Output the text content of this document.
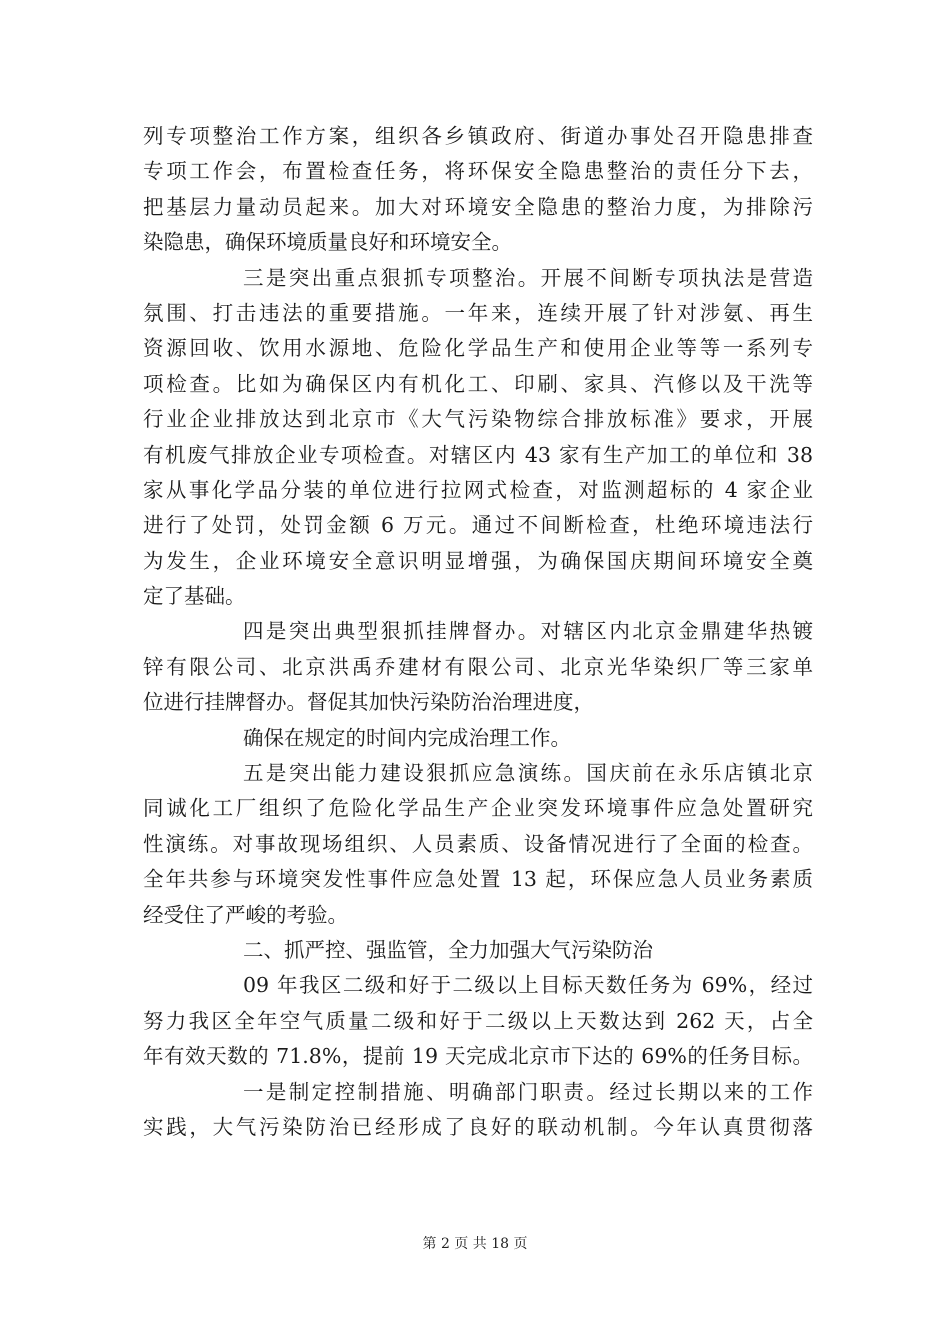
列专项整治工作方案，组织各乡镇政府、街道办事处召开隐患排查
专项工作会，布置检查任务，将环保安全隐患整治的责任分下去，
把基层力量动员起来。加大对环境安全隐患的整治力度，为排除污
染隐患，确保环境质量良好和环境安全。
三是突出重点狠抓专项整治。开展不间断专项执法是营造
氛围、打击违法的重要措施。一年来，连续开展了针对涉氨、再生
资源回收、饮用水源地、危险化学品生产和使用企业等等一系列专
项检查。比如为确保区内有机化工、印刷、家具、汽修以及干洗等
行业企业排放达到北京市《大气污染物综合排放标准》要求，开展
有机废气排放企业专项检查。对辖区内 43 家有生产加工的单位和 38
家从事化学品分装的单位进行拉网式检查，对监测超标的 4 家企业
进行了处罚，处罚金额 6 万元。通过不间断检查，杜绝环境违法行
为发生，企业环境安全意识明显增强，为确保国庆期间环境安全奠
定了基础。
四是突出典型狠抓挂牌督办。对辖区内北京金鼎建华热镀
锌有限公司、北京洪禹乔建材有限公司、北京光华染织厂等三家单
位进行挂牌督办。督促其加快污染防治治理进度，
确保在规定的时间内完成治理工作。
五是突出能力建设狠抓应急演练。国庆前在永乐店镇北京
同诚化工厂组织了危险化学品生产企业突发环境事件应急处置研究
性演练。对事故现场组织、人员素质、设备情况进行了全面的检查。
全年共参与环境突发性事件应急处置 13 起，环保应急人员业务素质
经受住了严峻的考验。
二、抓严控、强监管，全力加强大气污染防治
09 年我区二级和好于二级以上目标天数任务为 69%，经过
努力我区全年空气质量二级和好于二级以上天数达到 262 天，占全
年有效天数的 71.8%，提前 19 天完成北京市下达的 69%的任务目标。
一是制定控制措施、明确部门职责。经过长期以来的工作
实践，大气污染防治已经形成了良好的联动机制。今年认真贯彻落
第 2 页 共 18 页
